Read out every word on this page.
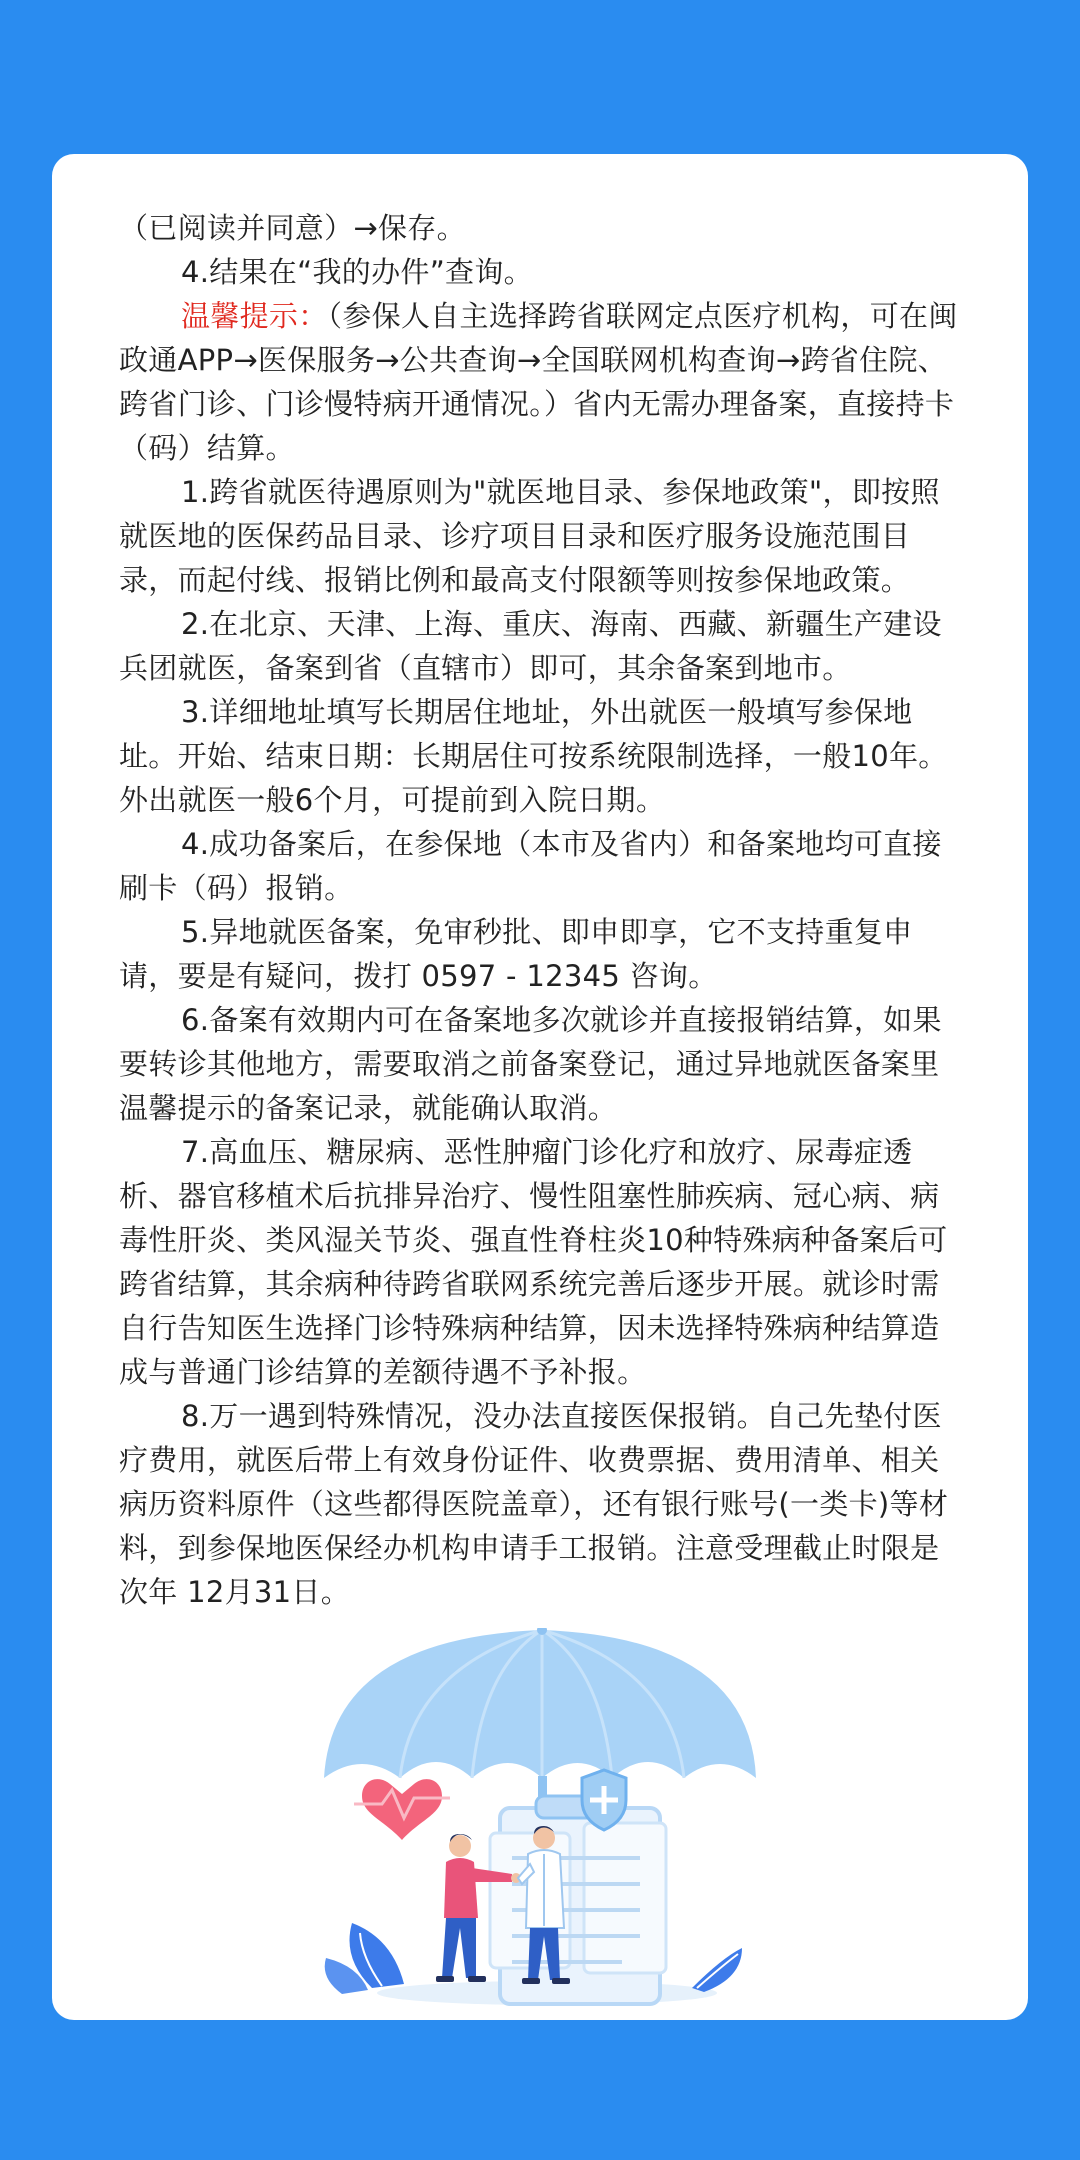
（已阅读并同意）→保存。

4.结果在“我的办件”查询。

温馨提示：（参保人自主选择跨省联网定点医疗机构，可在闽政通APP→医保服务→公共查询→全国联网机构查询→跨省住院、跨省门诊、门诊慢特病开通情况。）省内无需办理备案，直接持卡（码）结算。

1.跨省就医待遇原则为"就医地目录、参保地政策"，即按照就医地的医保药品目录、诊疗项目目录和医疗服务设施范围目录，而起付线、报销比例和最高支付限额等则按参保地政策。

2.在北京、天津、上海、重庆、海南、西藏、新疆生产建设兵团就医，备案到省（直辖市）即可，其余备案到地市。

3.详细地址填写长期居住地址，外出就医一般填写参保地址。开始、结束日期：长期居住可按系统限制选择，一般10年。外出就医一般6个月，可提前到入院日期。

4.成功备案后，在参保地（本市及省内）和备案地均可直接刷卡（码）报销。

5.异地就医备案，免审秒批、即申即享，它不支持重复申请，要是有疑问，拨打 0597 - 12345 咨询。

6.备案有效期内可在备案地多次就诊并直接报销结算，如果要转诊其他地方，需要取消之前备案登记，通过异地就医备案里温馨提示的备案记录，就能确认取消。

7.高血压、糖尿病、恶性肿瘤门诊化疗和放疗、尿毒症透析、器官移植术后抗排异治疗、慢性阻塞性肺疾病、冠心病、病毒性肝炎、类风湿关节炎、强直性脊柱炎10种特殊病种备案后可跨省结算，其余病种待跨省联网系统完善后逐步开展。就诊时需自行告知医生选择门诊特殊病种结算，因未选择特殊病种结算造成与普通门诊结算的差额待遇不予补报。

8.万一遇到特殊情况，没办法直接医保报销。自己先垫付医疗费用，就医后带上有效身份证件、收费票据、费用清单、相关病历资料原件（这些都得医院盖章），还有银行账号(一类卡)等材料，到参保地医保经办机构申请手工报销。注意受理截止时限是次年 12月31日。
